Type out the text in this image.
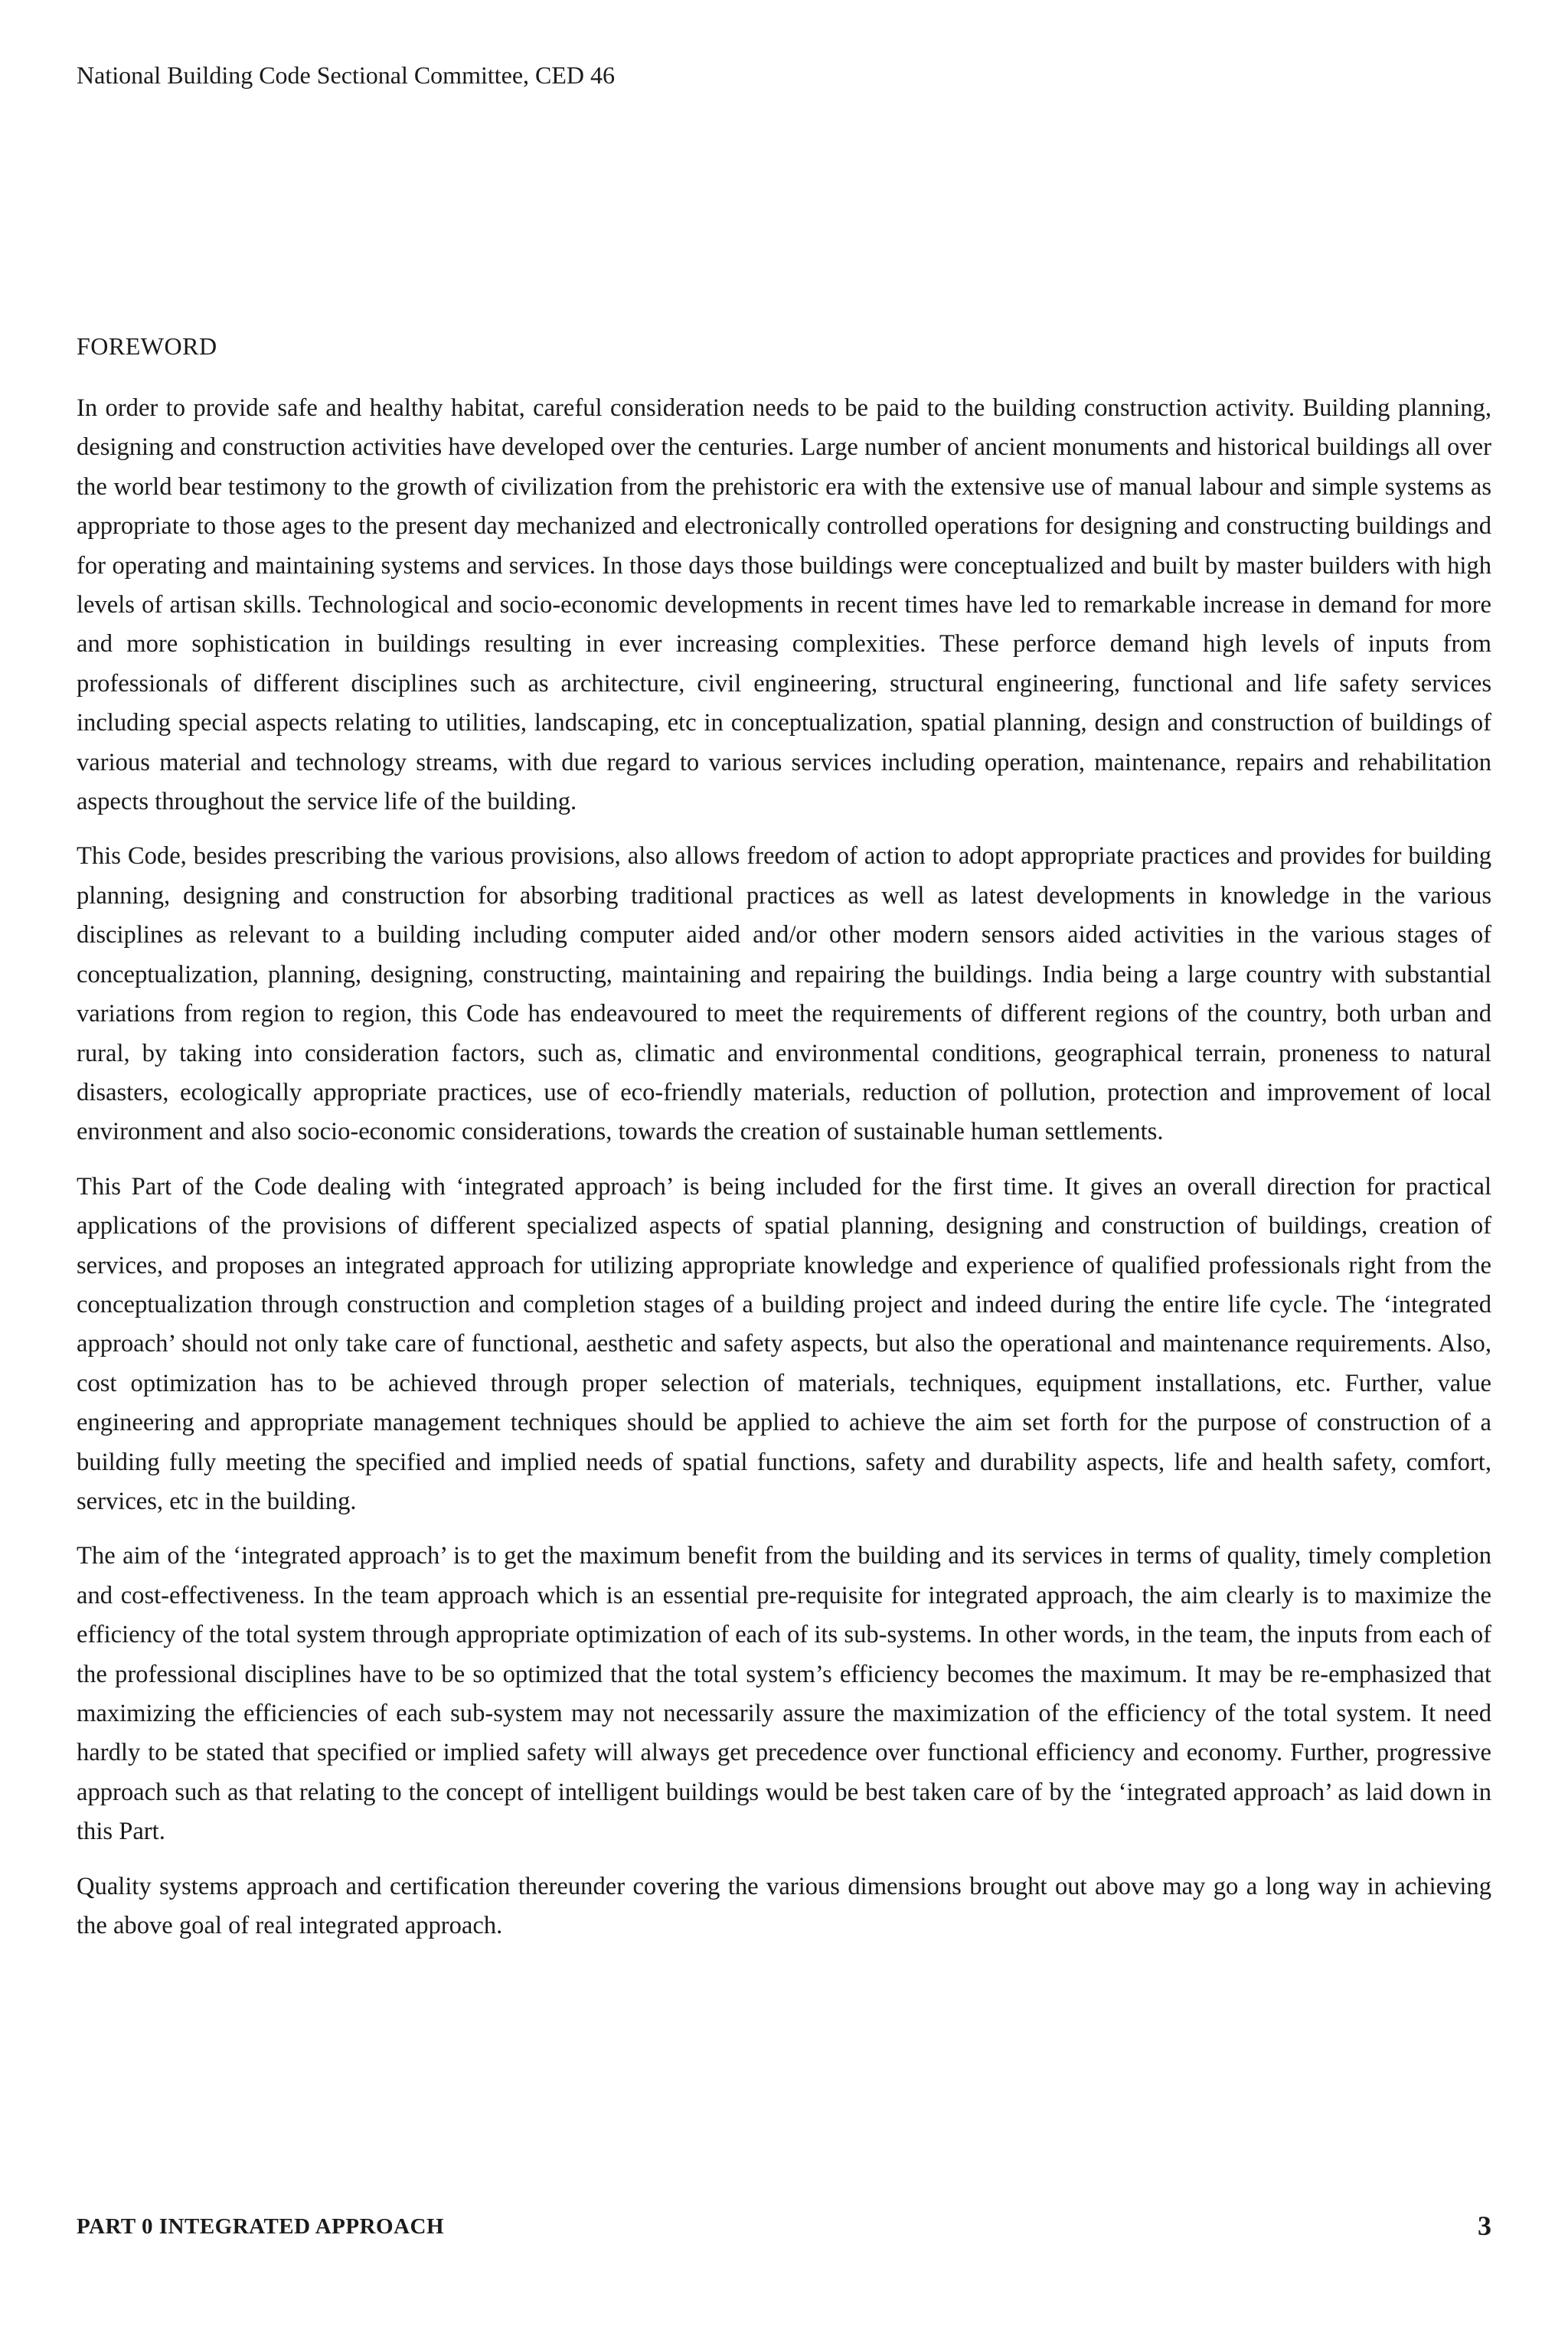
National Building Code Sectional Committee, CED 46
FOREWORD

In order to provide safe and healthy habitat, careful consideration needs to be paid to the building construction activity. Building planning, designing and construction activities have developed over the centuries. Large number of ancient monuments and historical buildings all over the world bear testimony to the growth of civilization from the prehistoric era with the extensive use of manual labour and simple systems as appropriate to those ages to the present day mechanized and electronically controlled operations for designing and constructing buildings and for operating and maintaining systems and services. In those days those buildings were conceptualized and built by master builders with high levels of artisan skills. Technological and socio-economic developments in recent times have led to remarkable increase in demand for more and more sophistication in buildings resulting in ever increasing complexities. These perforce demand high levels of inputs from professionals of different disciplines such as architecture, civil engineering, structural engineering, functional and life safety services including special aspects relating to utilities, landscaping, etc in conceptualization, spatial planning, design and construction of buildings of various material and technology streams, with due regard to various services including operation, maintenance, repairs and rehabilitation aspects throughout the service life of the building.

This Code, besides prescribing the various provisions, also allows freedom of action to adopt appropriate practices and provides for building planning, designing and construction for absorbing traditional practices as well as latest developments in knowledge in the various disciplines as relevant to a building including computer aided and/or other modern sensors aided activities in the various stages of conceptualization, planning, designing, constructing, maintaining and repairing the buildings. India being a large country with substantial variations from region to region, this Code has endeavoured to meet the requirements of different regions of the country, both urban and rural, by taking into consideration factors, such as, climatic and environmental conditions, geographical terrain, proneness to natural disasters, ecologically appropriate practices, use of eco-friendly materials, reduction of pollution, protection and improvement of local environment and also socio-economic considerations, towards the creation of sustainable human settlements.

This Part of the Code dealing with ‘integrated approach’ is being included for the first time. It gives an overall direction for practical applications of the provisions of different specialized aspects of spatial planning, designing and construction of buildings, creation of services, and proposes an integrated approach for utilizing appropriate knowledge and experience of qualified professionals right from the conceptualization through construction and completion stages of a building project and indeed during the entire life cycle. The ‘integrated approach’ should not only take care of functional, aesthetic and safety aspects, but also the operational and maintenance requirements. Also, cost optimization has to be achieved through proper selection of materials, techniques, equipment installations, etc. Further, value engineering and appropriate management techniques should be applied to achieve the aim set forth for the purpose of construction of a building fully meeting the specified and implied needs of spatial functions, safety and durability aspects, life and health safety, comfort, services, etc in the building.

The aim of the ‘integrated approach’ is to get the maximum benefit from the building and its services in terms of quality, timely completion and cost-effectiveness. In the team approach which is an essential pre-requisite for integrated approach, the aim clearly is to maximize the efficiency of the total system through appropriate optimization of each of its sub-systems. In other words, in the team, the inputs from each of the professional disciplines have to be so optimized that the total system’s efficiency becomes the maximum. It may be re-emphasized that maximizing the efficiencies of each sub-system may not necessarily assure the maximization of the efficiency of the total system. It need hardly to be stated that specified or implied safety will always get precedence over functional efficiency and economy. Further, progressive approach such as that relating to the concept of intelligent buildings would be best taken care of by the ‘integrated approach’ as laid down in this Part.

Quality systems approach and certification thereunder covering the various dimensions brought out above may go a long way in achieving the above goal of real integrated approach.

PART 0 INTEGRATED APPROACH	3
